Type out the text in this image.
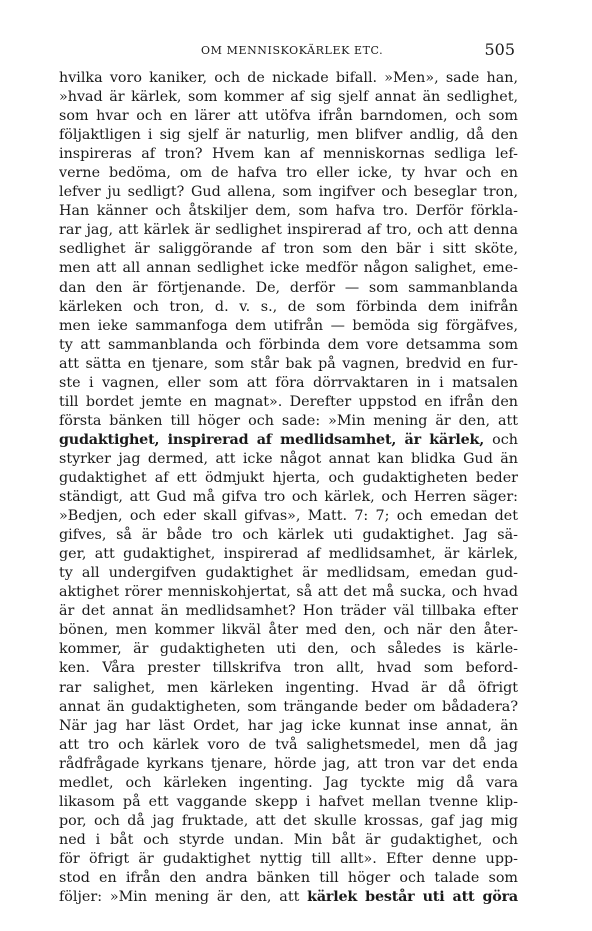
OM MENNISKOKÄRLEK ETC.	505
hvilka voro kaniker, och de nickade bifall. »Men», sade han,
»hvad är kärlek, som kommer af sig sjelf annat än sedlighet,
som hvar och en lärer att utöfva ifrån barndomen, och som
följaktligen i sig sjelf är naturlig, men blifver andlig, då den
inspireras af tron? Hvem kan af menniskornas sedliga lef-
verne bedöma, om de hafva tro eller icke, ty hvar och en
lefver ju sedligt? Gud allena, som ingifver och beseglar tron,
Han känner och åtskiljer dem, som hafva tro. Derför förkla-
rar jag, att kärlek är sedlighet inspirerad af tro, och att denna
sedlighet är saliggörande af tron som den bär i sitt sköte,
men att all annan sedlighet icke medför någon salighet, eme-
dan den är förtjenande. De, derför — som sammanblanda
kärleken och tron, d. v. s., de som förbinda dem inifrån
men ieke sammanfoga dem utifrån — bemöda sig förgäfves,
ty att sammanblanda och förbinda dem vore detsamma som
att sätta en tjenare, som står bak på vagnen, bredvid en fur-
ste i vagnen, eller som att föra dörrvaktaren in i matsalen
till bordet jemte en magnat». Derefter uppstod en ifrån den
första bänken till höger och sade: »Min mening är den, att
gudaktighet, inspirerad af medlidsamhet, är kärlek, och
styrker jag dermed, att icke något annat kan blidka Gud än
gudaktighet af ett ödmjukt hjerta, och gudaktigheten beder
ständigt, att Gud må gifva tro och kärlek, och Herren säger:
»Bedjen, och eder skall gifvas», Matt. 7: 7; och emedan det
gifves, så är både tro och kärlek uti gudaktighet. Jag sä-
ger, att gudaktighet, inspirerad af medlidsamhet, är kärlek,
ty all undergifven gudaktighet är medlidsam, emedan gud-
aktighet rörer menniskohjertat, så att det må sucka, och hvad
är det annat än medlidsamhet? Hon träder väl tillbaka efter
bönen, men kommer likväl åter med den, och när den åter-
kommer, är gudaktigheten uti den, och således is kärle-
ken. Våra prester tillskrifva tron allt, hvad som beford-
rar salighet, men kärleken ingenting. Hvad är då öfrigt
annat än gudaktigheten, som trängande beder om bådadera?
När jag har läst Ordet, har jag icke kunnat inse annat, än
att tro och kärlek voro de två salighetsmedel, men då jag
rådfrågade kyrkans tjenare, hörde jag, att tron var det enda
medlet, och kärleken ingenting. Jag tyckte mig då vara
likasom på ett vaggande skepp i hafvet mellan tvenne klip-
por, och då jag fruktade, att det skulle krossas, gaf jag mig
ned i båt och styrde undan. Min båt är gudaktighet, och
för öfrigt är gudaktighet nyttig till allt». Efter denne upp-
stod en ifrån den andra bänken till höger och talade som
följer: »Min mening är den, att kärlek består uti att göra
